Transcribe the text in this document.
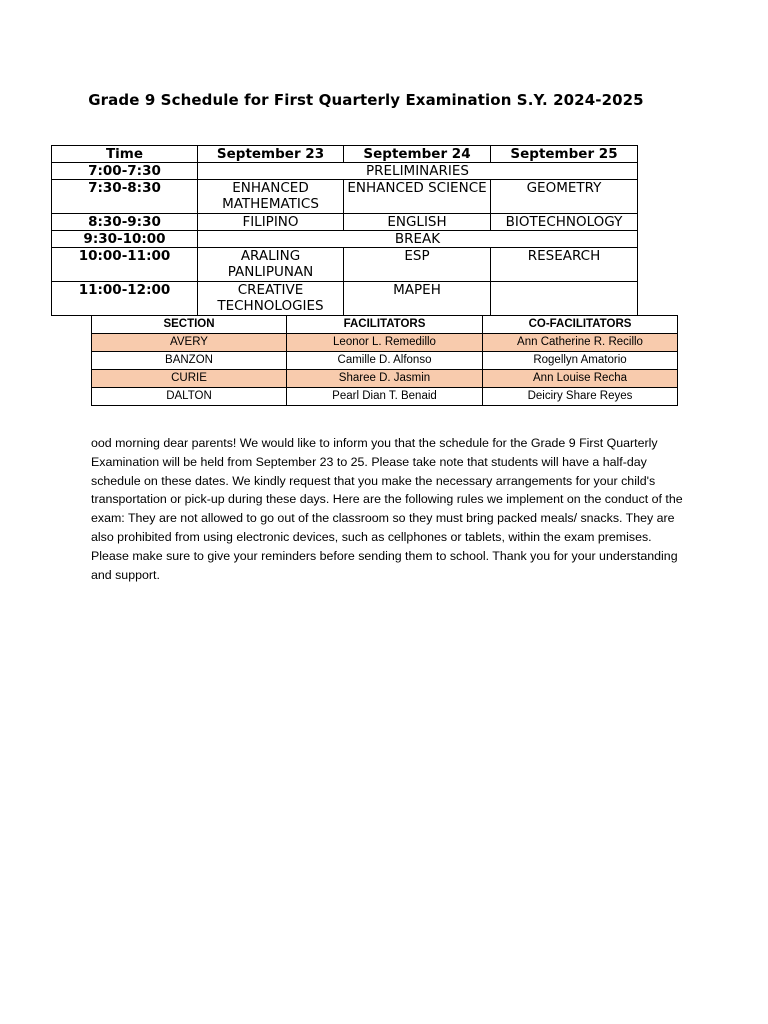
Grade 9 Schedule for First Quarterly Examination S.Y. 2024-2025
Time	September 23	September 24	September 25
7:00-7:30	PRELIMINARIES		
7:30-8:30	ENHANCED MATHEMATICS	ENHANCED SCIENCE	GEOMETRY
8:30-9:30	FILIPINO	ENGLISH	BIOTECHNOLOGY
9:30-10:00	BREAK		
10:00-11:00	ARALING PANLIPUNAN	ESP	RESEARCH
11:00-12:00	CREATIVE TECHNOLOGIES	MAPEH	
SECTION	FACILITATORS	CO-FACILITATORS
AVERY	Leonor L. Remedillo	Ann Catherine R. Recillo
BANZON	Camille D. Alfonso	Rogellyn Amatorio
CURIE	Sharee D. Jasmin	Ann Louise Recha
DALTON	Pearl Dian T. Benaid	Deiciry Share Reyes
ood morning dear parents! We would like to inform you that the schedule for the Grade 9 First Quarterly Examination will be held from September 23 to 25. Please take note that students will have a half-day schedule on these dates. We kindly request that you make the necessary arrangements for your child's transportation or pick-up during these days. Here are the following rules we implement on the conduct of the exam: They are not allowed to go out of the classroom so they must bring packed meals/ snacks. They are also prohibited from using electronic devices, such as cellphones or tablets, within the exam premises. Please make sure to give your reminders before sending them to school. Thank you for your understanding and support.
